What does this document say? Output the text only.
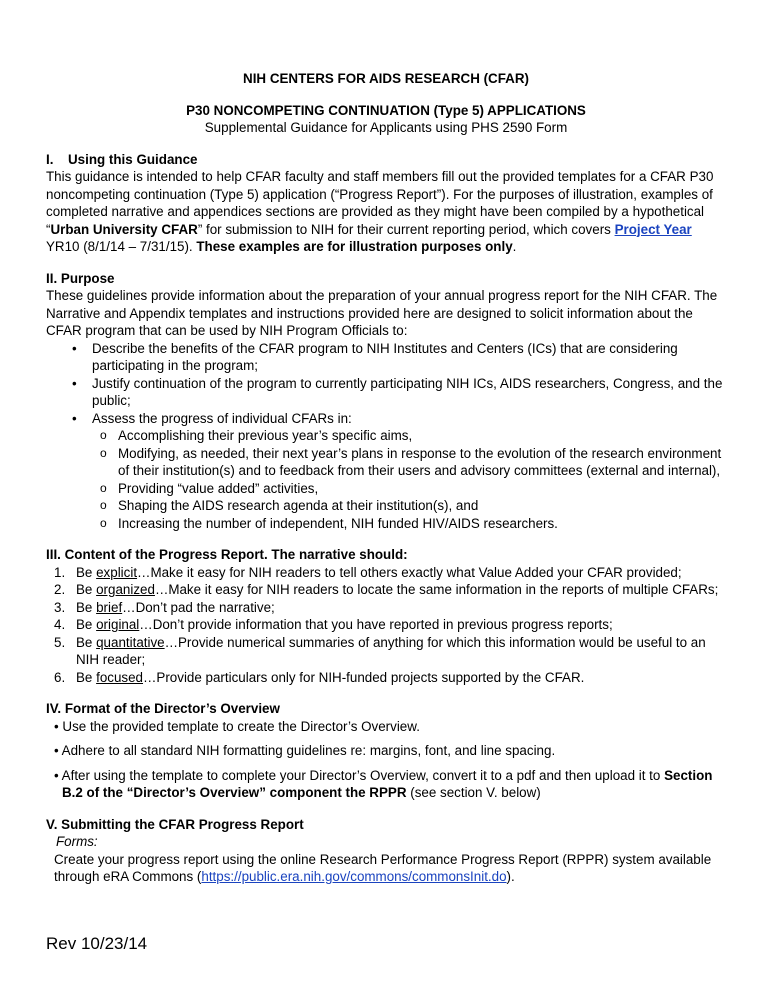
NIH CENTERS FOR AIDS RESEARCH (CFAR)

P30 NONCOMPETING CONTINUATION (Type 5) APPLICATIONS

Supplemental Guidance for Applicants using PHS 2590 Form

I. Using this Guidance

This guidance is intended to help CFAR faculty and staff members fill out the provided templates for a CFAR P30 noncompeting continuation (Type 5) application (“Progress Report”). For the purposes of illustration, examples of completed narrative and appendices sections are provided as they might have been compiled by a hypothetical “Urban University CFAR” for submission to NIH for their current reporting period, which covers Project Year YR10 (8/1/14 – 7/31/15). These examples are for illustration purposes only.

II. Purpose

These guidelines provide information about the preparation of your annual progress report for the NIH CFAR. The Narrative and Appendix templates and instructions provided here are designed to solicit information about the CFAR program that can be used by NIH Program Officials to:

• Describe the benefits of the CFAR program to NIH Institutes and Centers (ICs) that are considering participating in the program;
• Justify continuation of the program to currently participating NIH ICs, AIDS researchers, Congress, and the public;
• Assess the progress of individual CFARs in:
o Accomplishing their previous year’s specific aims,
o Modifying, as needed, their next year’s plans in response to the evolution of the research environment of their institution(s) and to feedback from their users and advisory committees (external and internal),
o Providing “value added” activities,
o Shaping the AIDS research agenda at their institution(s), and
o Increasing the number of independent, NIH funded HIV/AIDS researchers.

III. Content of the Progress Report. The narrative should:

1. Be explicit…Make it easy for NIH readers to tell others exactly what Value Added your CFAR provided;
2. Be organized…Make it easy for NIH readers to locate the same information in the reports of multiple CFARs;
3. Be brief…Don’t pad the narrative;
4. Be original…Don’t provide information that you have reported in previous progress reports;
5. Be quantitative…Provide numerical summaries of anything for which this information would be useful to an NIH reader;
6. Be focused…Provide particulars only for NIH-funded projects supported by the CFAR.

IV. Format of the Director’s Overview

• Use the provided template to create the Director’s Overview.

• Adhere to all standard NIH formatting guidelines re: margins, font, and line spacing.

• After using the template to complete your Director’s Overview, convert it to a pdf and then upload it to Section B.2 of the “Director’s Overview” component the RPPR (see section V. below)

V. Submitting the CFAR Progress Report

Forms:

Create your progress report using the online Research Performance Progress Report (RPPR) system available through eRA Commons (https://public.era.nih.gov/commons/commonsInit.do).

Rev 10/23/14
